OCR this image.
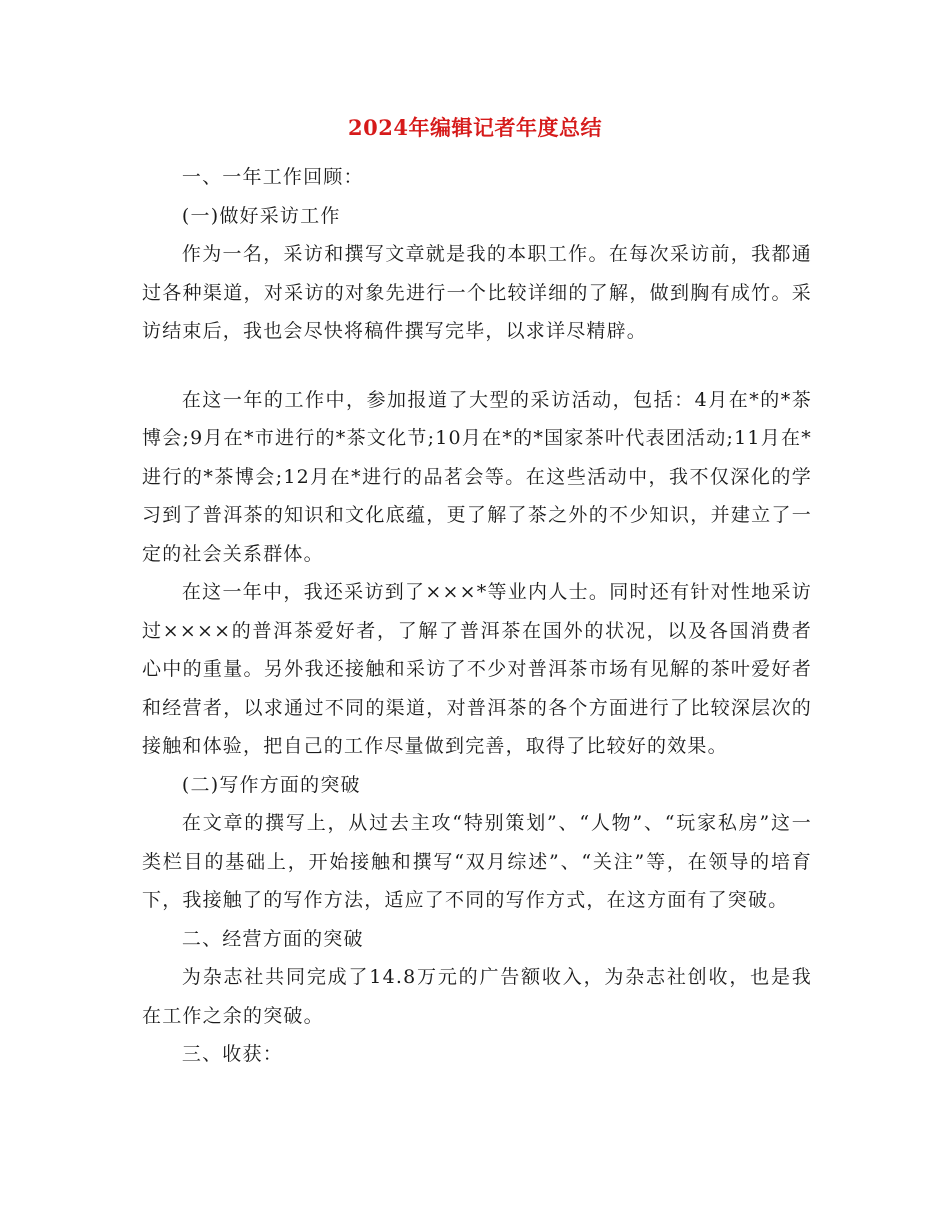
2024年编辑记者年度总结

一、一年工作回顾：

(一)做好采访工作

作为一名，采访和撰写文章就是我的本职工作。在每次采访前，我都通过各种渠道，对采访的对象先进行一个比较详细的了解，做到胸有成竹。采访结束后，我也会尽快将稿件撰写完毕，以求详尽精辟。

在这一年的工作中，参加报道了大型的采访活动，包括：4月在*的*茶博会;9月在*市进行的*茶文化节;10月在*的*国家茶叶代表团活动;11月在*进行的*茶博会;12月在*进行的品茗会等。在这些活动中，我不仅深化的学习到了普洱茶的知识和文化底蕴，更了解了茶之外的不少知识，并建立了一定的社会关系群体。

在这一年中，我还采访到了×××*等业内人士。同时还有针对性地采访过××××的普洱茶爱好者，了解了普洱茶在国外的状况，以及各国消费者心中的重量。另外我还接触和采访了不少对普洱茶市场有见解的茶叶爱好者和经营者，以求通过不同的渠道，对普洱茶的各个方面进行了比较深层次的接触和体验，把自己的工作尽量做到完善，取得了比较好的效果。

(二)写作方面的突破

在文章的撰写上，从过去主攻“特别策划”、“人物”、“玩家私房”这一类栏目的基础上，开始接触和撰写“双月综述”、“关注”等，在领导的培育下，我接触了的写作方法，适应了不同的写作方式，在这方面有了突破。

二、经营方面的突破

为杂志社共同完成了14.8万元的广告额收入，为杂志社创收，也是我在工作之余的突破。

三、收获：
